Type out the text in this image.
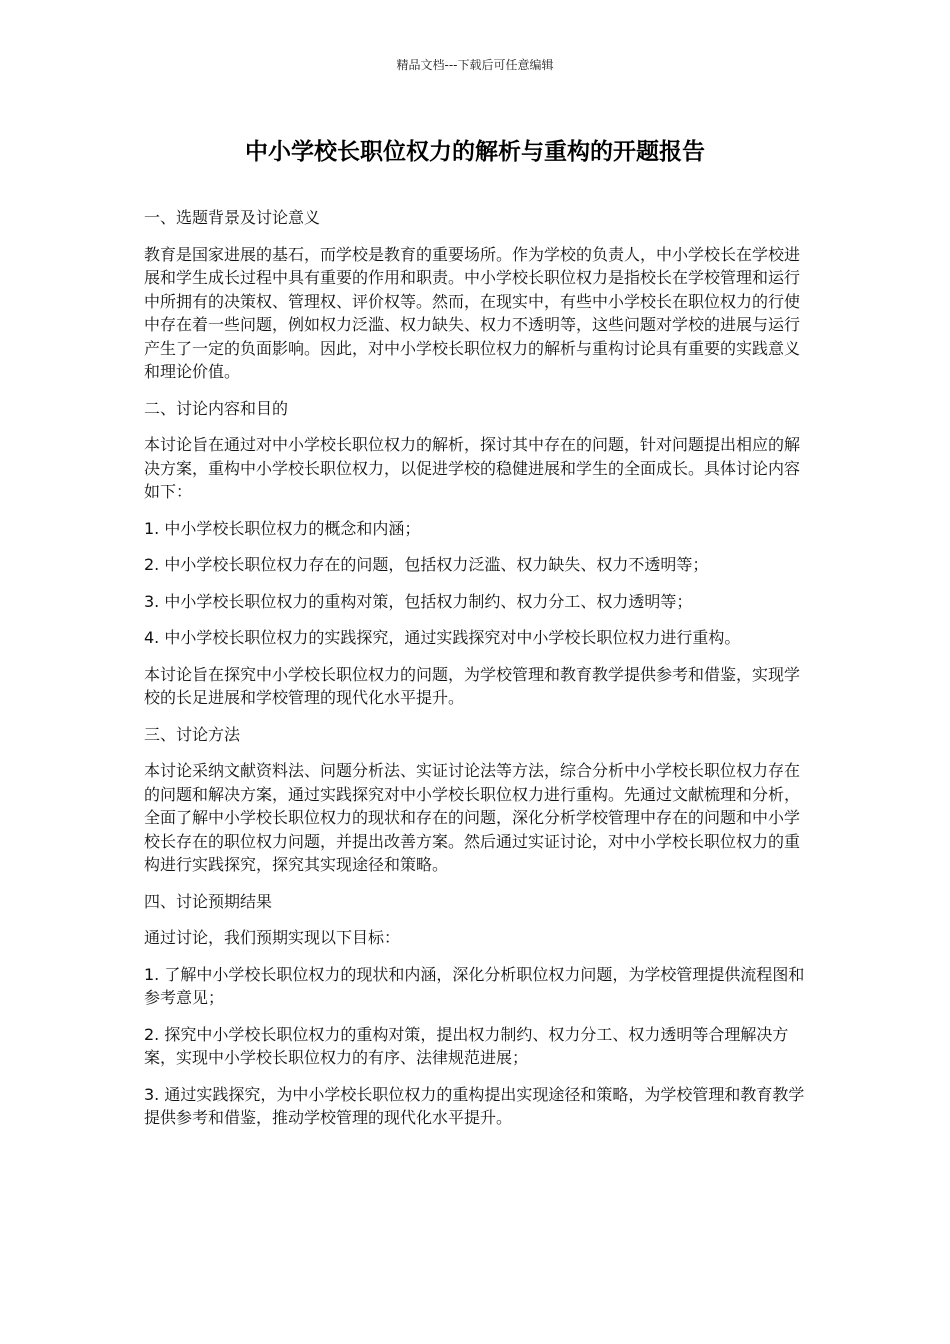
精品文档---下载后可任意编辑
中小学校长职位权力的解析与重构的开题报告

一、选题背景及讨论意义

教育是国家进展的基石，而学校是教育的重要场所。作为学校的负责人，中小学校长在学校进展和学生成长过程中具有重要的作用和职责。中小学校长职位权力是指校长在学校管理和运行中所拥有的决策权、管理权、评价权等。然而，在现实中，有些中小学校长在职位权力的行使中存在着一些问题，例如权力泛滥、权力缺失、权力不透明等，这些问题对学校的进展与运行产生了一定的负面影响。因此，对中小学校长职位权力的解析与重构讨论具有重要的实践意义和理论价值。

二、讨论内容和目的

本讨论旨在通过对中小学校长职位权力的解析，探讨其中存在的问题，针对问题提出相应的解决方案，重构中小学校长职位权力，以促进学校的稳健进展和学生的全面成长。具体讨论内容如下：

1. 中小学校长职位权力的概念和内涵；

2. 中小学校长职位权力存在的问题，包括权力泛滥、权力缺失、权力不透明等；

3. 中小学校长职位权力的重构对策，包括权力制约、权力分工、权力透明等；

4. 中小学校长职位权力的实践探究，通过实践探究对中小学校长职位权力进行重构。

本讨论旨在探究中小学校长职位权力的问题，为学校管理和教育教学提供参考和借鉴，实现学校的长足进展和学校管理的现代化水平提升。

三、讨论方法

本讨论采纳文献资料法、问题分析法、实证讨论法等方法，综合分析中小学校长职位权力存在的问题和解决方案，通过实践探究对中小学校长职位权力进行重构。先通过文献梳理和分析，全面了解中小学校长职位权力的现状和存在的问题，深化分析学校管理中存在的问题和中小学校长存在的职位权力问题，并提出改善方案。然后通过实证讨论，对中小学校长职位权力的重构进行实践探究，探究其实现途径和策略。

四、讨论预期结果

通过讨论，我们预期实现以下目标：

1. 了解中小学校长职位权力的现状和内涵，深化分析职位权力问题，为学校管理提供流程图和参考意见；

2. 探究中小学校长职位权力的重构对策，提出权力制约、权力分工、权力透明等合理解决方案，实现中小学校长职位权力的有序、法律规范进展；

3. 通过实践探究，为中小学校长职位权力的重构提出实现途径和策略，为学校管理和教育教学提供参考和借鉴，推动学校管理的现代化水平提升。
